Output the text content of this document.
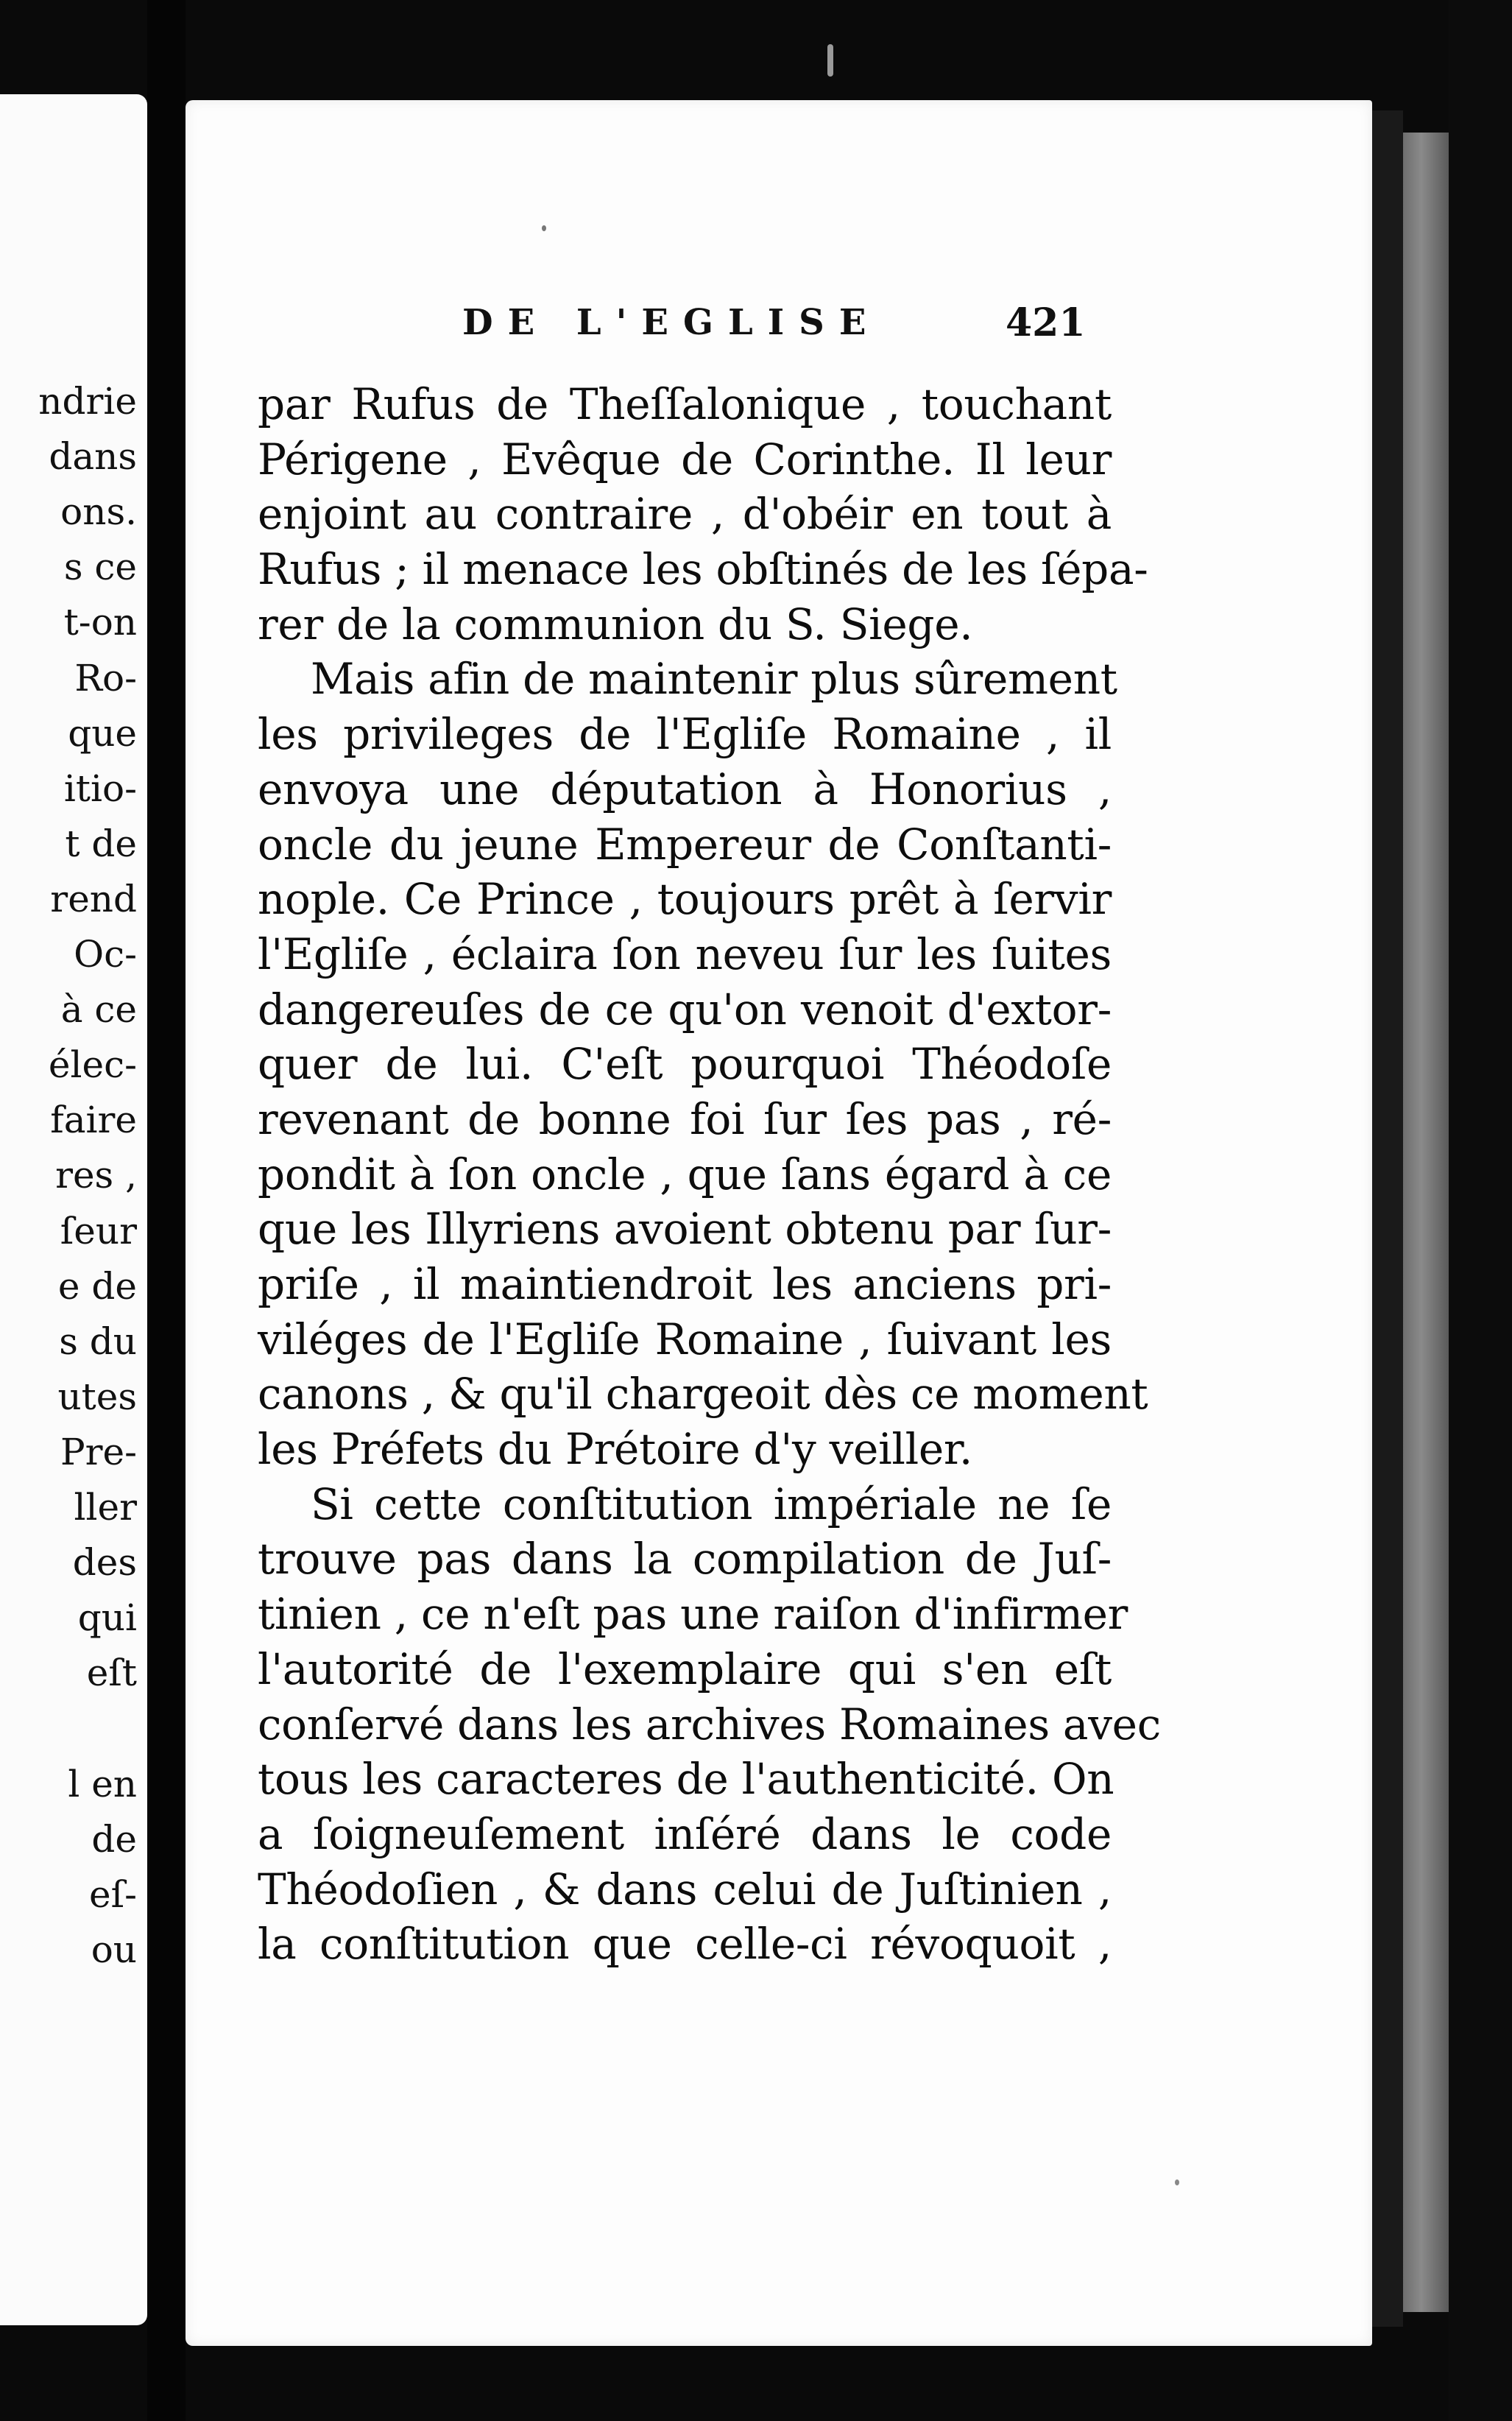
ndrie
dans
ons.
s ce
t-on
Ro-
que
itio-
t de
rend
Oc-
à ce
élec-
faire
res ,
ſeur
e de
s du
utes
Pre-
ller
des
qui
eſt
l en
de
eſ-
ou
DE L'EGLISE	421
par Rufus de Theſſalonique , touchant
Périgene , Evêque de Corinthe. Il leur
enjoint au contraire , d'obéir en tout à
Rufus ; il menace les obſtinés de les ſépa-
rer de la communion du S. Siege.
Mais afin de maintenir plus sûrement
les privileges de l'Egliſe Romaine , il
envoya une députation à Honorius ,
oncle du jeune Empereur de Conſtanti-
nople. Ce Prince , toujours prêt à ſervir
l'Egliſe , éclaira ſon neveu ſur les ſuites
dangereuſes de ce qu'on venoit d'extor-
quer de lui. C'eſt pourquoi Théodoſe
revenant de bonne foi ſur ſes pas , ré-
pondit à ſon oncle , que ſans égard à ce
que les Illyriens avoient obtenu par ſur-
priſe , il maintiendroit les anciens pri-
viléges de l'Egliſe Romaine , ſuivant les
canons , & qu'il chargeoit dès ce moment
les Préfets du Prétoire d'y veiller.
Si cette conſtitution impériale ne ſe
trouve pas dans la compilation de Juſ-
tinien , ce n'eſt pas une raiſon d'infirmer
l'autorité de l'exemplaire qui s'en eſt
conſervé dans les archives Romaines avec
tous les caracteres de l'authenticité. On
a ſoigneuſement inſéré dans le code
Théodoſien , & dans celui de Juſtinien ,
la conſtitution que celle-ci révoquoit ,
